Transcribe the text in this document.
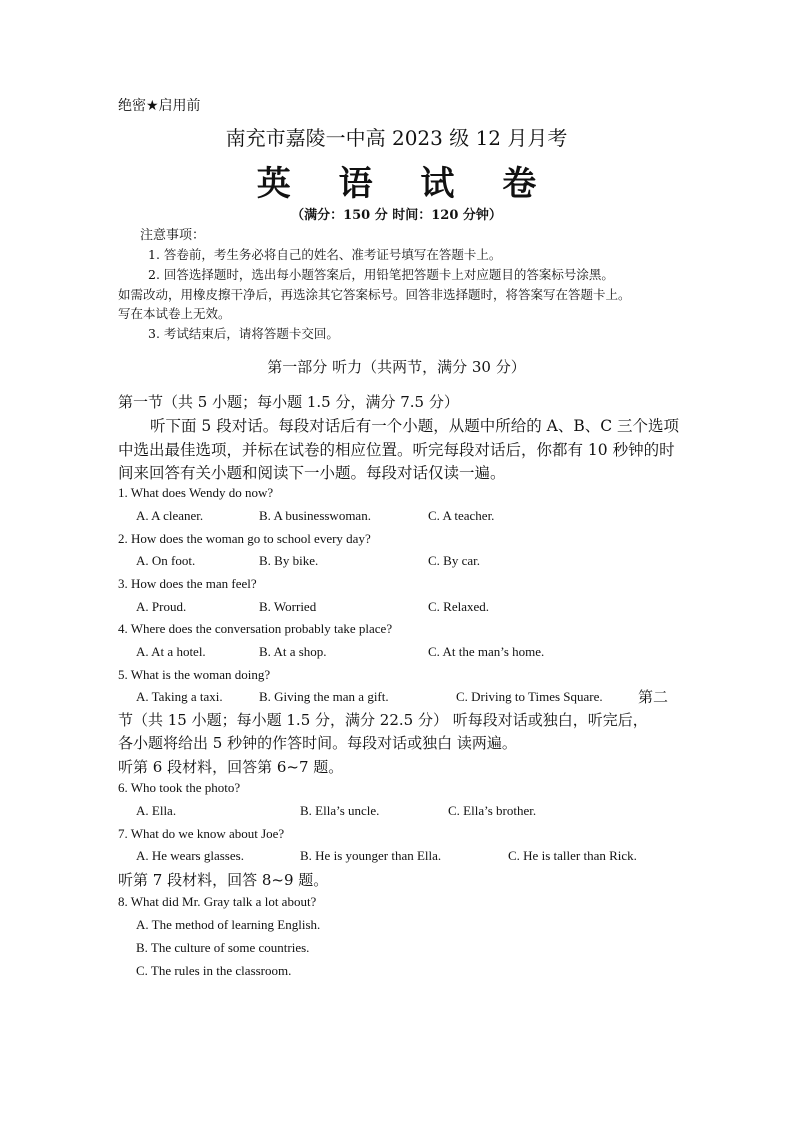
绝密★启用前
南充市嘉陵一中高 2023 级 12 月月考
英 语 试 卷
（满分：150 分 时间：120 分钟）
注意事项：
1. 答卷前，考生务必将自己的姓名、准考证号填写在答题卡上。
2. 回答选择题时，选出每小题答案后，用铅笔把答题卡上对应题目的答案标号涂黑。
如需改动，用橡皮擦干净后，再选涂其它答案标号。回答非选择题时，将答案写在答题卡上。
写在本试卷上无效。
3. 考试结束后，请将答题卡交回。
第一部分 听力（共两节，满分 30 分）
第一节（共 5 小题；每小题 1.5 分，满分 7.5 分）
听下面 5 段对话。每段对话后有一个小题，从题中所给的 A、B、C 三个选项
中选出最佳选项，并标在试卷的相应位置。听完每段对话后，你都有 10 秒钟的时
间来回答有关小题和阅读下一小题。每段对话仅读一遍。
1. What does Wendy do now?
A. A cleaner.	B. A businesswoman.	C. A teacher.
2. How does the woman go to school every day?
A. On foot.	B. By bike.	C. By car.
3. How does the man feel?
A. Proud.	B. Worried	C. Relaxed.
4. Where does the conversation probably take place?
A. At a hotel.	B. At a shop.	C. At the man’s home.
5. What is the woman doing?
A. Taking a taxi.	B. Giving the man a gift.	C. Driving to Times Square. 第二
节（共 15 小题；每小题 1.5 分，满分 22.5 分） 听每段对话或独白，听完后，
各小题将给出 5 秒钟的作答时间。每段对话或独白 读两遍。
听第 6 段材料，回答第 6~7 题。
6. Who took the photo?
A. Ella.	B. Ella’s uncle.	C. Ella’s brother.
7. What do we know about Joe?
A. He wears glasses.	B. He is younger than Ella.	C. He is taller than Rick.
听第 7 段材料，回答 8~9 题。
8. What did Mr. Gray talk a lot about?
A. The method of learning English.
B. The culture of some countries.
C. The rules in the classroom.
